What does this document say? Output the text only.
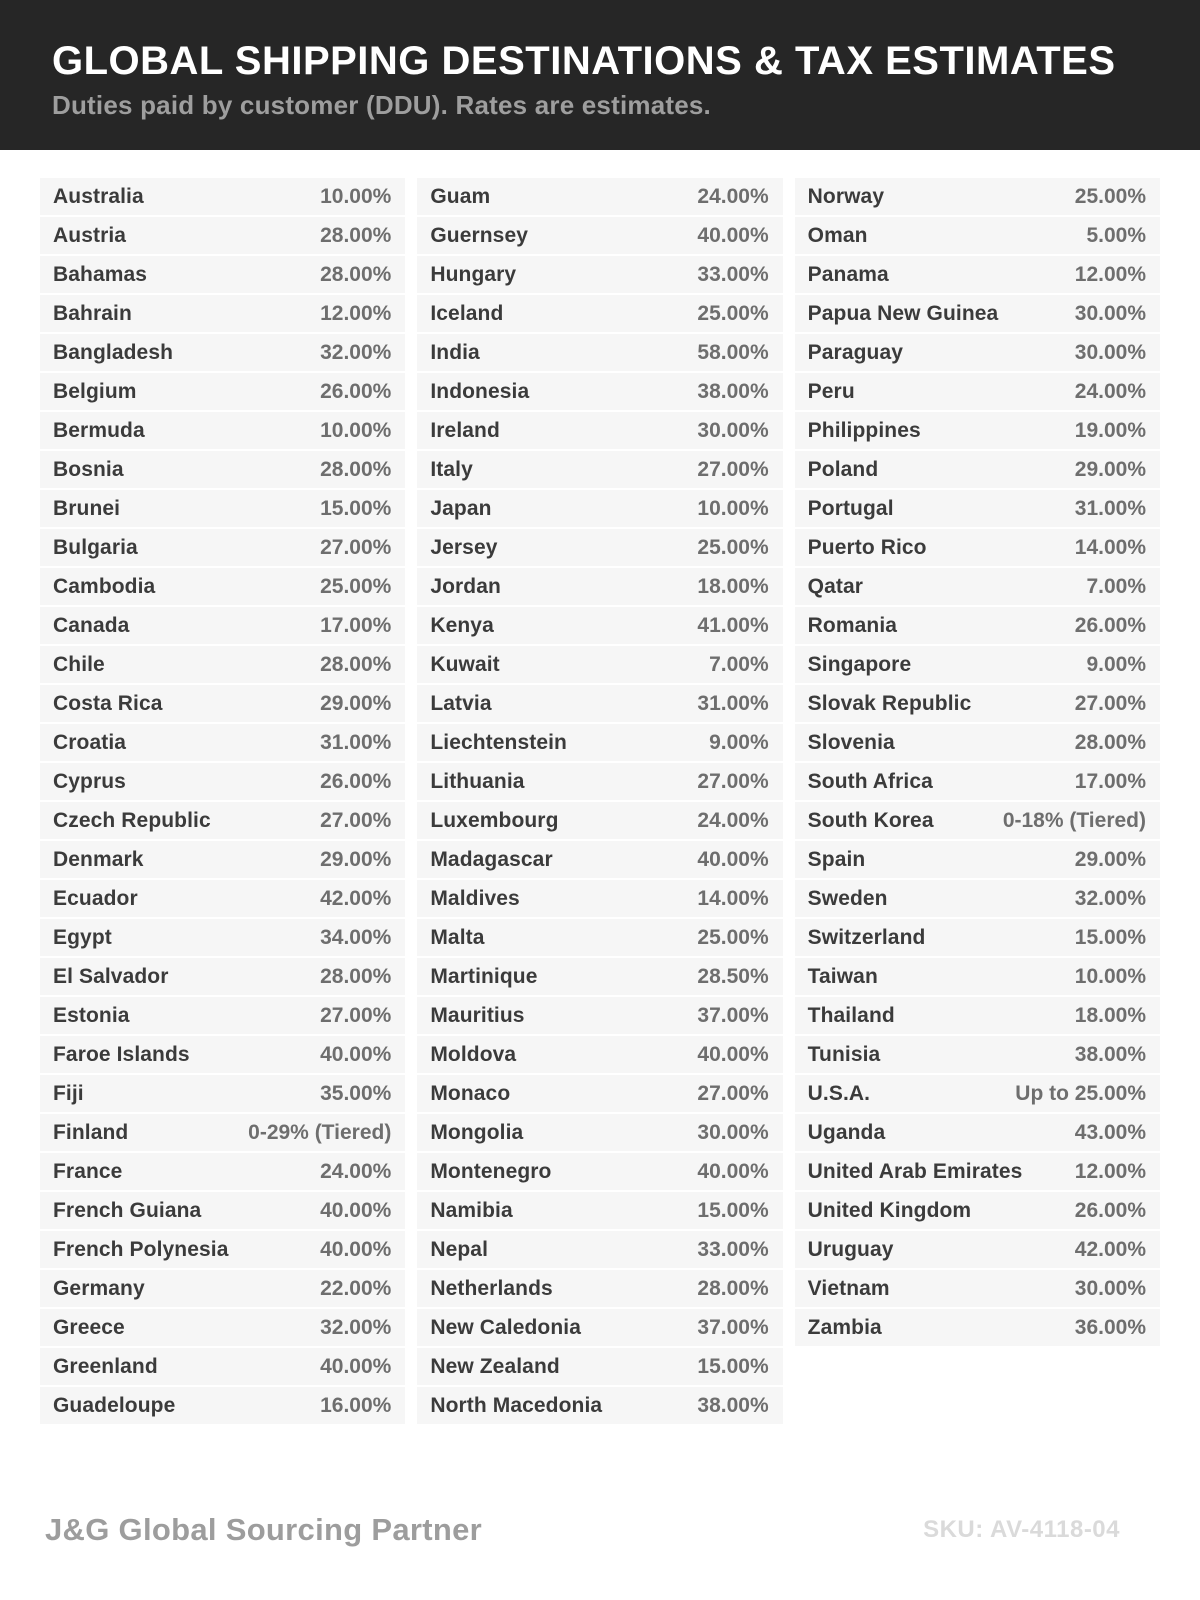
GLOBAL SHIPPING DESTINATIONS & TAX ESTIMATES
Duties paid by customer (DDU). Rates are estimates.
Australia	10.00%
Austria	28.00%
Bahamas	28.00%
Bahrain	12.00%
Bangladesh	32.00%
Belgium	26.00%
Bermuda	10.00%
Bosnia	28.00%
Brunei	15.00%
Bulgaria	27.00%
Cambodia	25.00%
Canada	17.00%
Chile	28.00%
Costa Rica	29.00%
Croatia	31.00%
Cyprus	26.00%
Czech Republic	27.00%
Denmark	29.00%
Ecuador	42.00%
Egypt	34.00%
El Salvador	28.00%
Estonia	27.00%
Faroe Islands	40.00%
Fiji	35.00%
Finland	0-29% (Tiered)
France	24.00%
French Guiana	40.00%
French Polynesia	40.00%
Germany	22.00%
Greece	32.00%
Greenland	40.00%
Guadeloupe	16.00%
Guam	24.00%
Guernsey	40.00%
Hungary	33.00%
Iceland	25.00%
India	58.00%
Indonesia	38.00%
Ireland	30.00%
Italy	27.00%
Japan	10.00%
Jersey	25.00%
Jordan	18.00%
Kenya	41.00%
Kuwait	7.00%
Latvia	31.00%
Liechtenstein	9.00%
Lithuania	27.00%
Luxembourg	24.00%
Madagascar	40.00%
Maldives	14.00%
Malta	25.00%
Martinique	28.50%
Mauritius	37.00%
Moldova	40.00%
Monaco	27.00%
Mongolia	30.00%
Montenegro	40.00%
Namibia	15.00%
Nepal	33.00%
Netherlands	28.00%
New Caledonia	37.00%
New Zealand	15.00%
North Macedonia	38.00%
Norway	25.00%
Oman	5.00%
Panama	12.00%
Papua New Guinea	30.00%
Paraguay	30.00%
Peru	24.00%
Philippines	19.00%
Poland	29.00%
Portugal	31.00%
Puerto Rico	14.00%
Qatar	7.00%
Romania	26.00%
Singapore	9.00%
Slovak Republic	27.00%
Slovenia	28.00%
South Africa	17.00%
South Korea	0-18% (Tiered)
Spain	29.00%
Sweden	32.00%
Switzerland	15.00%
Taiwan	10.00%
Thailand	18.00%
Tunisia	38.00%
U.S.A.	Up to 25.00%
Uganda	43.00%
United Arab Emirates	12.00%
United Kingdom	26.00%
Uruguay	42.00%
Vietnam	30.00%
Zambia	36.00%
J&G Global Sourcing Partner	SKU: AV-4118-04
